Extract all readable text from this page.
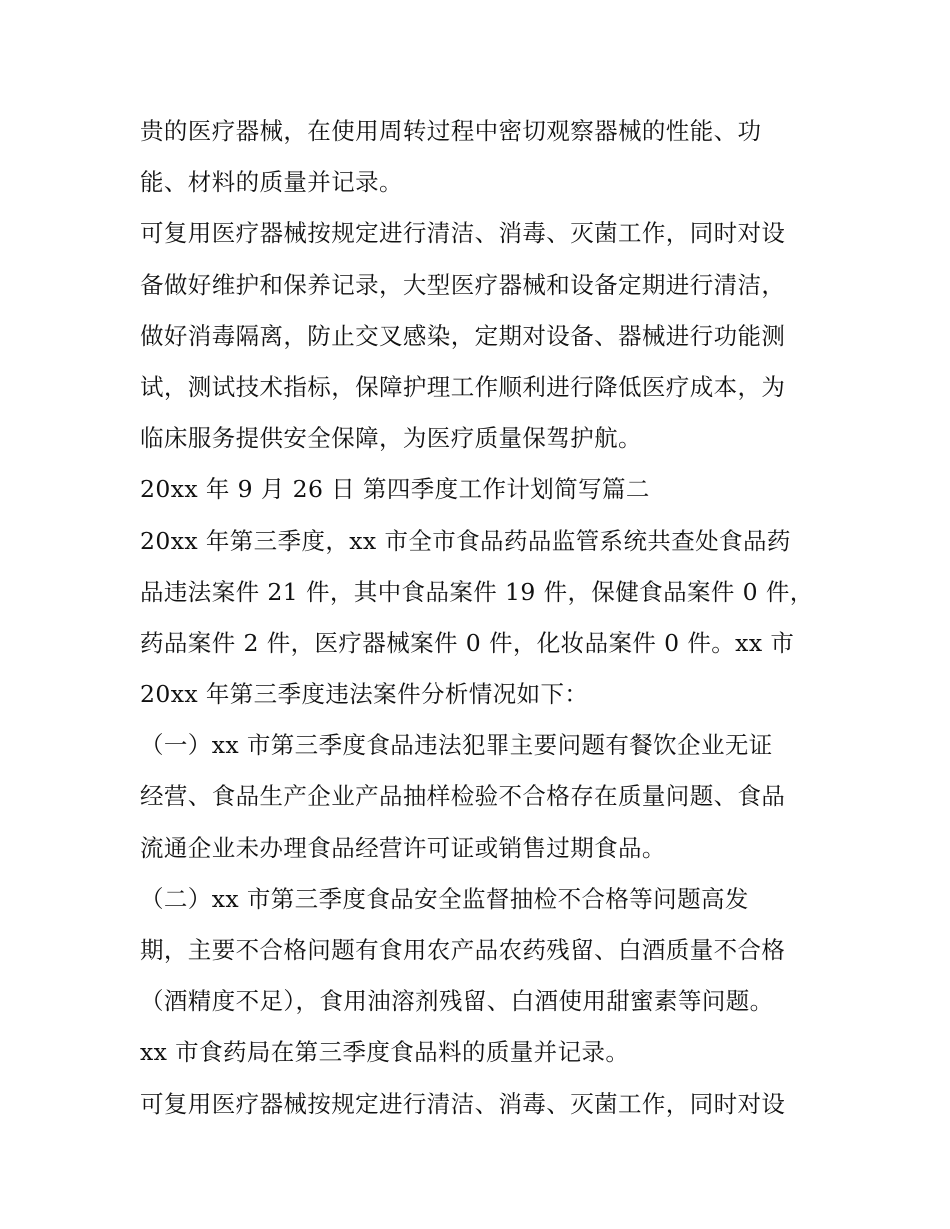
贵的医疗器械，在使用周转过程中密切观察器械的性能、功
能、材料的质量并记录。
可复用医疗器械按规定进行清洁、消毒、灭菌工作，同时对设
备做好维护和保养记录，大型医疗器械和设备定期进行清洁，
做好消毒隔离，防止交叉感染，定期对设备、器械进行功能测
试，测试技术指标，保障护理工作顺利进行降低医疗成本，为
临床服务提供安全保障，为医疗质量保驾护航。
20xx 年 9 月 26 日 第四季度工作计划简写篇二
20xx 年第三季度，xx 市全市食品药品监管系统共查处食品药
品违法案件 21 件，其中食品案件 19 件，保健食品案件 0 件，
药品案件 2 件，医疗器械案件 0 件，化妆品案件 0 件。xx 市
20xx 年第三季度违法案件分析情况如下：
（一）xx 市第三季度食品违法犯罪主要问题有餐饮企业无证
经营、食品生产企业产品抽样检验不合格存在质量问题、食品
流通企业未办理食品经营许可证或销售过期食品。
（二）xx 市第三季度食品安全监督抽检不合格等问题高发
期，主要不合格问题有食用农产品农药残留、白酒质量不合格
（酒精度不足），食用油溶剂残留、白酒使用甜蜜素等问题。
xx 市食药局在第三季度食品料的质量并记录。
可复用医疗器械按规定进行清洁、消毒、灭菌工作，同时对设
